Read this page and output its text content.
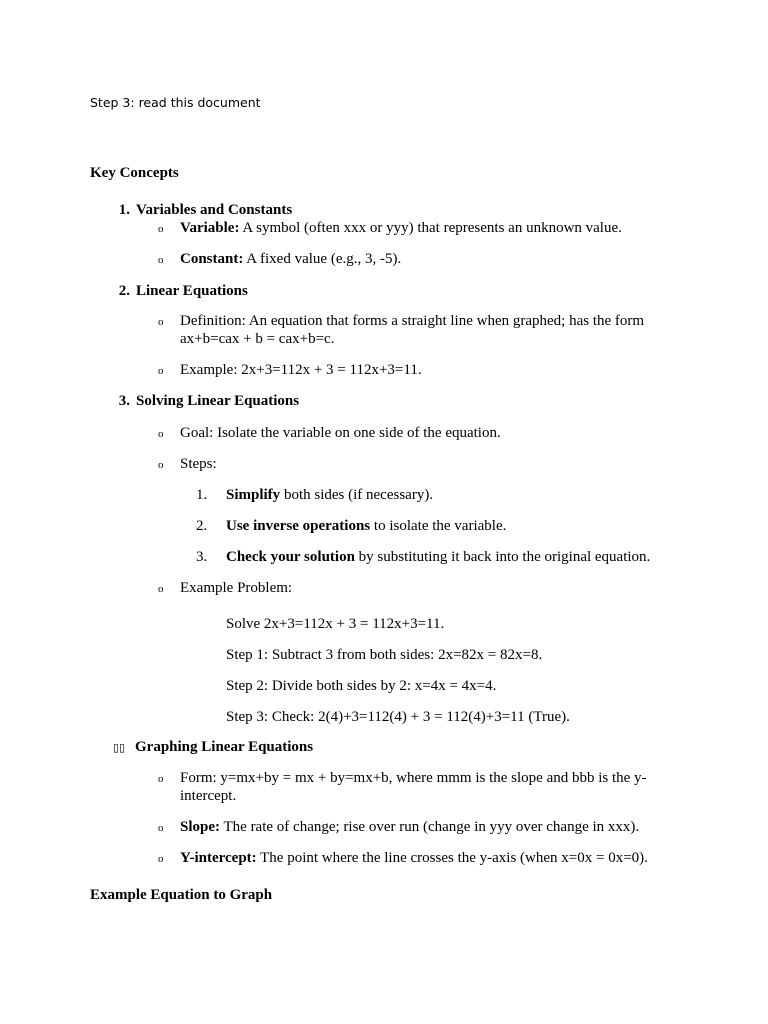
Step 3: read this document
Key Concepts
1. Variables and Constants
o Variable: A symbol (often xxx or yyy) that represents an unknown value.
o Constant: A fixed value (e.g., 3, -5).
2. Linear Equations
o Definition: An equation that forms a straight line when graphed; has the form ax+b=cax + b = cax+b=c.
o Example: 2x+3=112x + 3 = 112x+3=11.
3. Solving Linear Equations
o Goal: Isolate the variable on one side of the equation.
o Steps:
1. Simplify both sides (if necessary).
2. Use inverse operations to isolate the variable.
3. Check your solution by substituting it back into the original equation.
o Example Problem:
Solve 2x+3=112x + 3 = 112x+3=11.
Step 1: Subtract 3 from both sides: 2x=82x = 82x=8.
Step 2: Divide both sides by 2: x=4x = 4x=4.
Step 3: Check: 2(4)+3=112(4) + 3 = 112(4)+3=11 (True).
▯▯ Graphing Linear Equations
o Form: y=mx+by = mx + by=mx+b, where mmm is the slope and bbb is the y-intercept.
o Slope: The rate of change; rise over run (change in yyy over change in xxx).
o Y-intercept: The point where the line crosses the y-axis (when x=0x = 0x=0).
Example Equation to Graph
